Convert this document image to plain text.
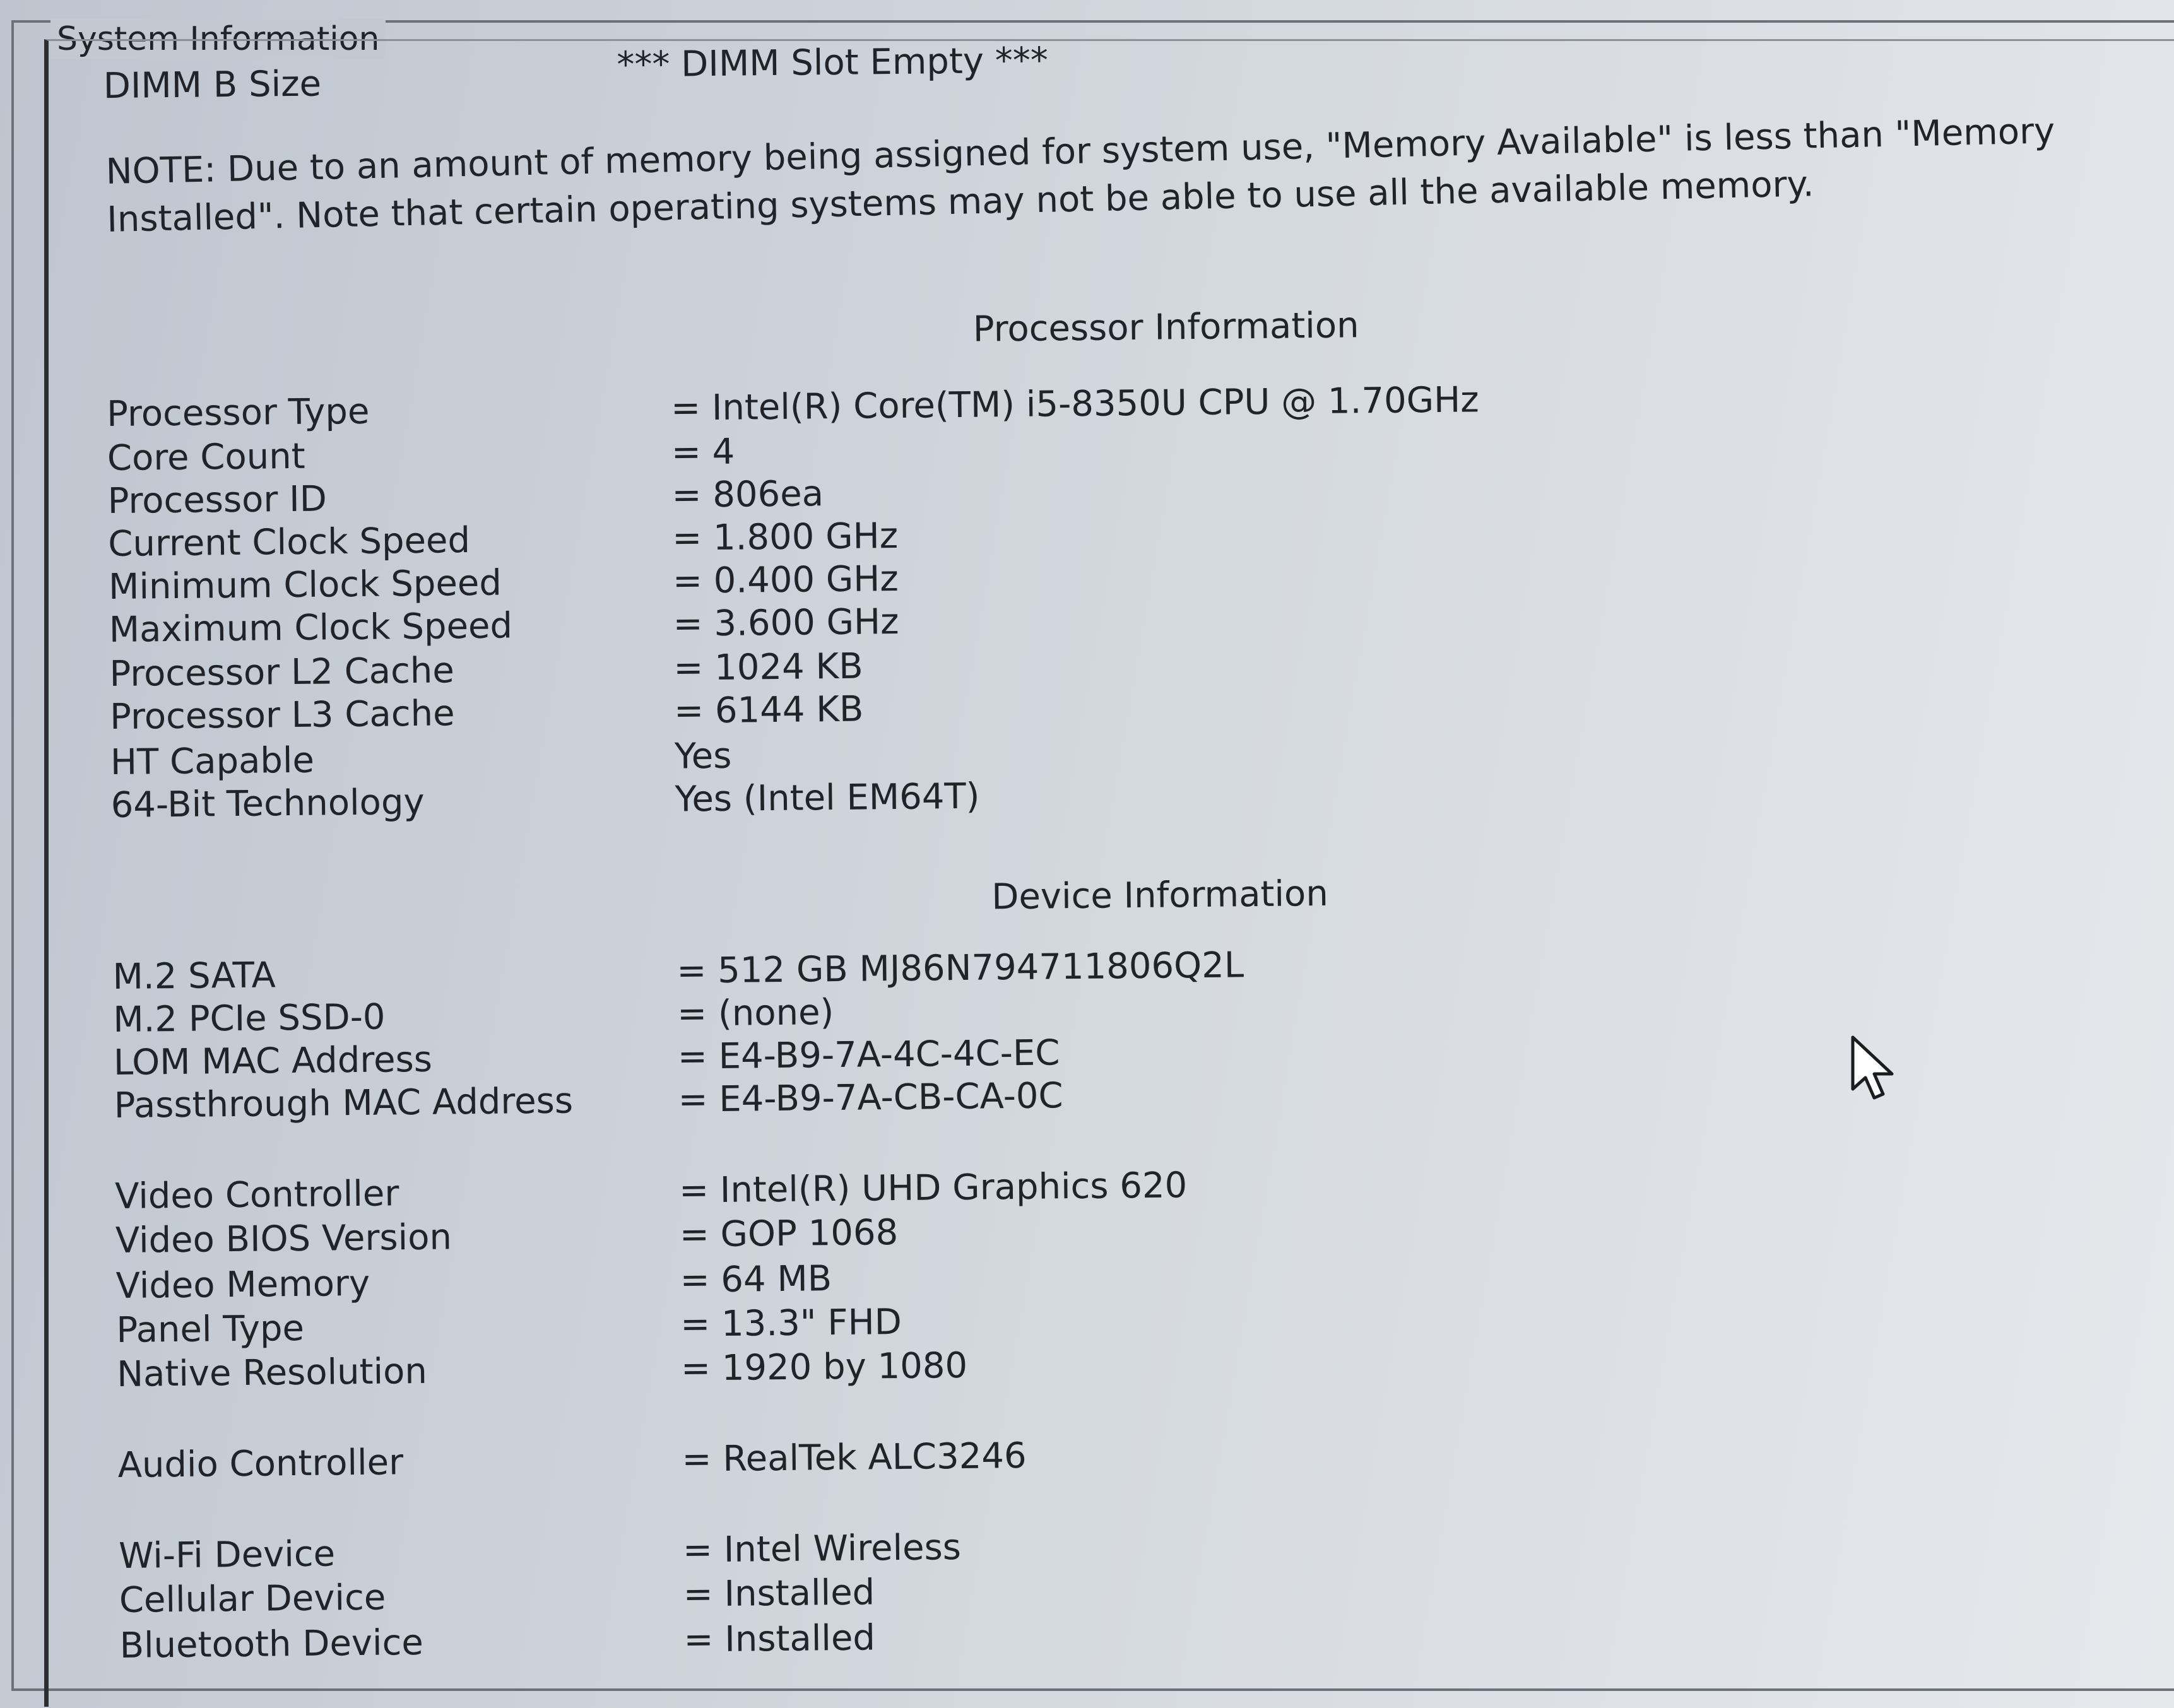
System Information
DIMM B Size	*** DIMM Slot Empty ***
NOTE: Due to an amount of memory being assigned for system use, "Memory Available" is less than "Memory Installed". Note that certain operating systems may not be able to use all the available memory.
Processor Information
Processor Type	= Intel(R) Core(TM) i5-8350U CPU @ 1.70GHz
Core Count	= 4
Processor ID	= 806ea
Current Clock Speed	= 1.800 GHz
Minimum Clock Speed	= 0.400 GHz
Maximum Clock Speed	= 3.600 GHz
Processor L2 Cache	= 1024 KB
Processor L3 Cache	= 6144 KB
HT Capable	Yes
64-Bit Technology	Yes (Intel EM64T)
Device Information
M.2 SATA	= 512 GB MJ86N794711806Q2L
M.2 PCIe SSD-0	= (none)
LOM MAC Address	= E4-B9-7A-4C-4C-EC
Passthrough MAC Address	= E4-B9-7A-CB-CA-0C
Video Controller	= Intel(R) UHD Graphics 620
Video BIOS Version	= GOP 1068
Video Memory	= 64 MB
Panel Type	= 13.3" FHD
Native Resolution	= 1920 by 1080
Audio Controller	= RealTek ALC3246
Wi-Fi Device	= Intel Wireless
Cellular Device	= Installed
Bluetooth Device	= Installed
